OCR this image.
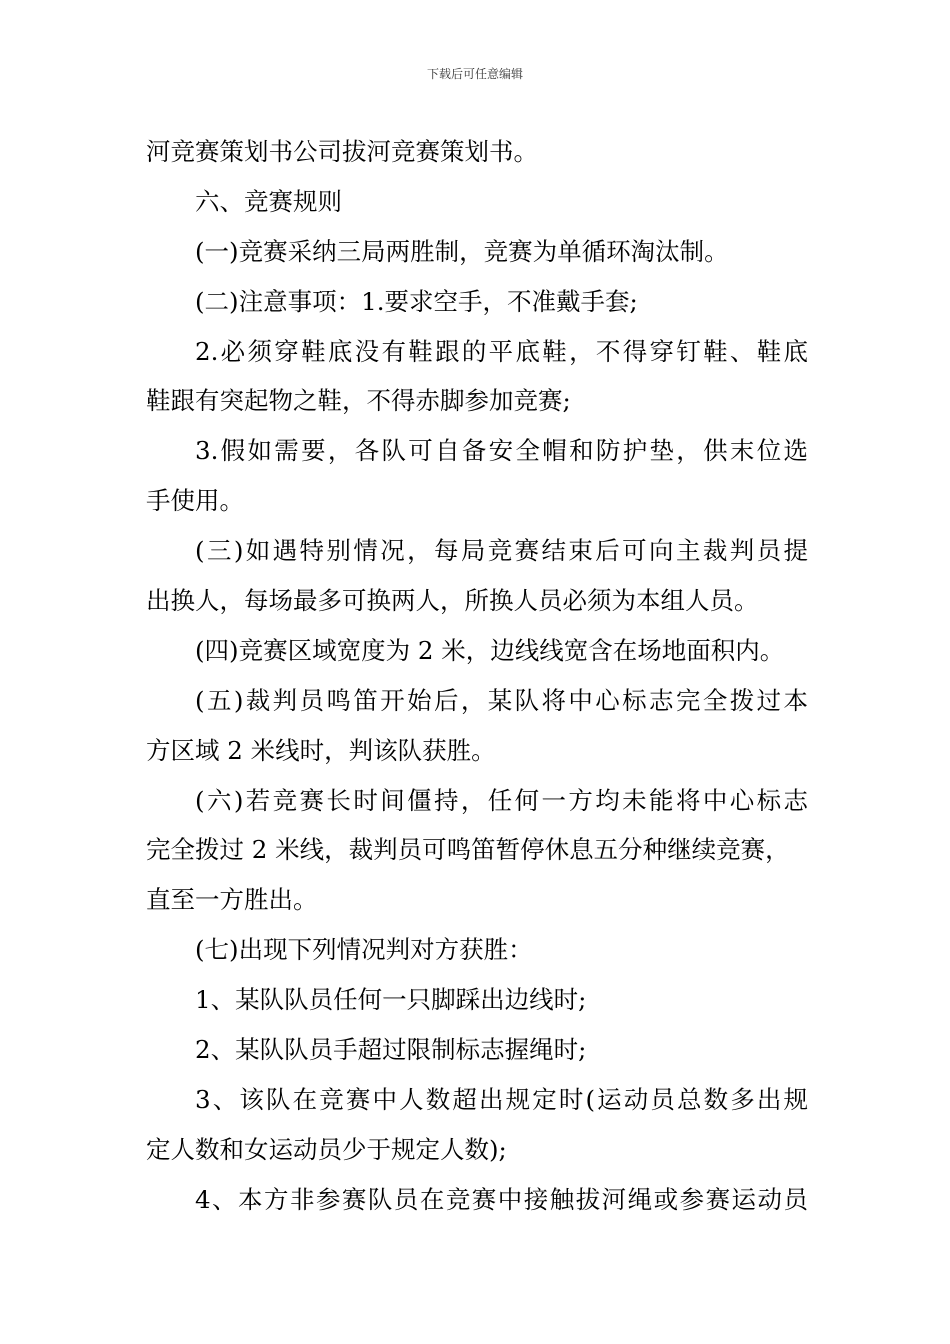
下载后可任意编辑
河竞赛策划书公司拔河竞赛策划书。
六、竞赛规则
(一)竞赛采纳三局两胜制，竞赛为单循环淘汰制。
(二)注意事项：1.要求空手，不准戴手套;
2.必须穿鞋底没有鞋跟的平底鞋，不得穿钉鞋、鞋底
鞋跟有突起物之鞋，不得赤脚参加竞赛;
3.假如需要，各队可自备安全帽和防护垫，供末位选
手使用。
(三)如遇特别情况，每局竞赛结束后可向主裁判员提
出换人，每场最多可换两人，所换人员必须为本组人员。
(四)竞赛区域宽度为 2 米，边线线宽含在场地面积内。
(五)裁判员鸣笛开始后，某队将中心标志完全拨过本
方区域 2 米线时，判该队获胜。
(六)若竞赛长时间僵持，任何一方均未能将中心标志
完全拨过 2 米线，裁判员可鸣笛暂停休息五分种继续竞赛，
直至一方胜出。
(七)出现下列情况判对方获胜：
1、某队队员任何一只脚踩出边线时;
2、某队队员手超过限制标志握绳时;
3、该队在竞赛中人数超出规定时(运动员总数多出规
定人数和女运动员少于规定人数);
4、本方非参赛队员在竞赛中接触拔河绳或参赛运动员
